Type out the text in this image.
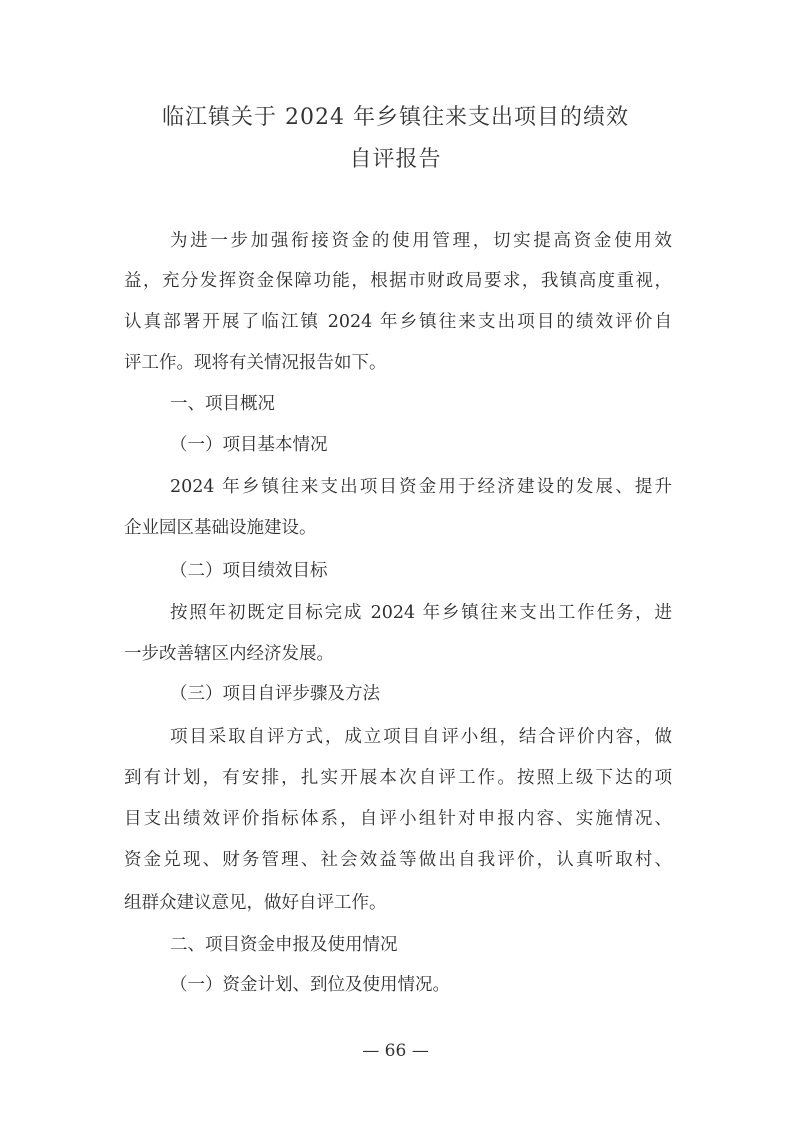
临江镇关于 2024 年乡镇往来支出项目的绩效
自评报告
为进一步加强衔接资金的使用管理，切实提高资金使用效
益，充分发挥资金保障功能，根据市财政局要求，我镇高度重视，
认真部署开展了临江镇 2024 年乡镇往来支出项目的绩效评价自
评工作。现将有关情况报告如下。
一、项目概况
（一）项目基本情况
2024 年乡镇往来支出项目资金用于经济建设的发展、提升
企业园区基础设施建设。
（二）项目绩效目标
按照年初既定目标完成 2024 年乡镇往来支出工作任务，进
一步改善辖区内经济发展。
（三）项目自评步骤及方法
项目采取自评方式，成立项目自评小组，结合评价内容，做
到有计划，有安排，扎实开展本次自评工作。按照上级下达的项
目支出绩效评价指标体系，自评小组针对申报内容、实施情况、
资金兑现、财务管理、社会效益等做出自我评价，认真听取村、
组群众建议意见，做好自评工作。
二、项目资金申报及使用情况
（一）资金计划、到位及使用情况。
— 66 —
